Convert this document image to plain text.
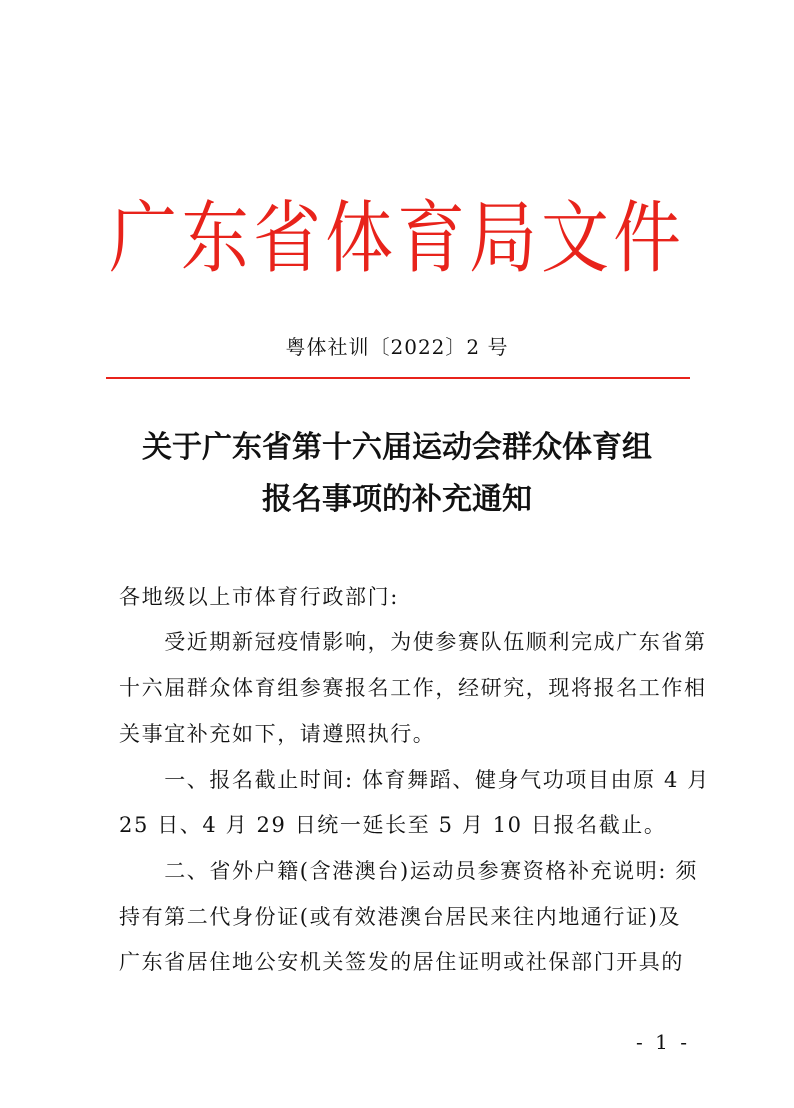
广东省体育局文件
粤体社训〔2022〕2 号
关于广东省第十六届运动会群众体育组
报名事项的补充通知
各地级以上市体育行政部门:
　　受近期新冠疫情影响，为使参赛队伍顺利完成广东省第
十六届群众体育组参赛报名工作，经研究，现将报名工作相
关事宜补充如下，请遵照执行。
　　一、报名截止时间: 体育舞蹈、健身气功项目由原 4 月
25 日、4 月 29 日统一延长至 5 月 10 日报名截止。
　　二、省外户籍(含港澳台)运动员参赛资格补充说明: 须
持有第二代身份证(或有效港澳台居民来往内地通行证)及
广东省居住地公安机关签发的居住证明或社保部门开具的
- 1 -
